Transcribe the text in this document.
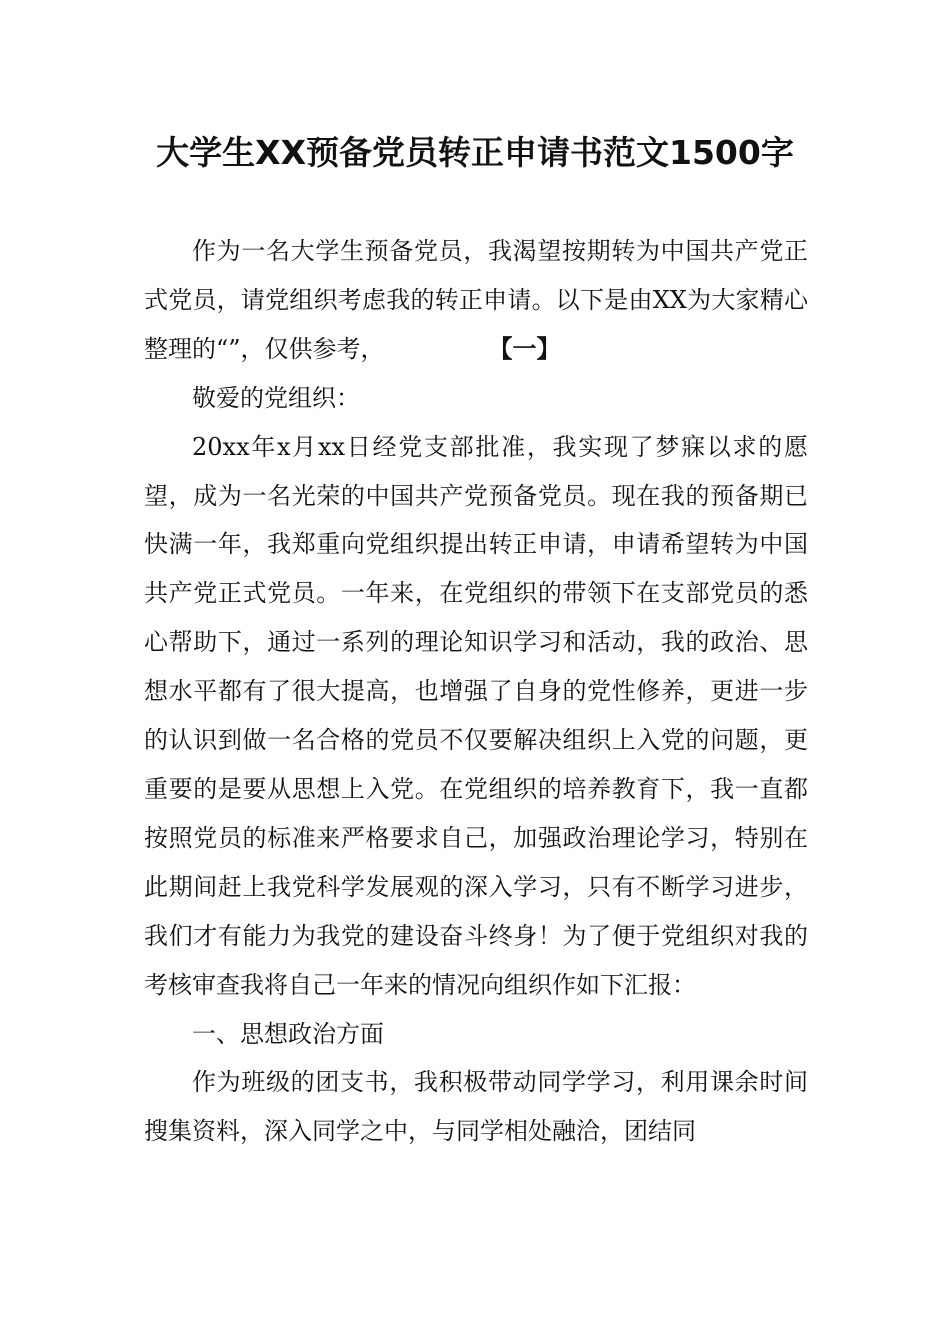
大学生XX预备党员转正申请书范文1500字

作为一名大学生预备党员，我渴望按期转为中国共产党正式党员，请党组织考虑我的转正申请。以下是由XX为大家精心整理的“”，仅供参考，	【一】

敬爱的党组织：

20xx年x月xx日经党支部批准，我实现了梦寐以求的愿望，成为一名光荣的中国共产党预备党员。现在我的预备期已快满一年，我郑重向党组织提出转正申请，申请希望转为中国共产党正式党员。一年来，在党组织的带领下在支部党员的悉心帮助下，通过一系列的理论知识学习和活动，我的政治、思想水平都有了很大提高，也增强了自身的党性修养，更进一步的认识到做一名合格的党员不仅要解决组织上入党的问题，更重要的是要从思想上入党。在党组织的培养教育下，我一直都按照党员的标准来严格要求自己，加强政治理论学习，特别在此期间赶上我党科学发展观的深入学习，只有不断学习进步，我们才有能力为我党的建设奋斗终身！为了便于党组织对我的考核审查我将自己一年来的情况向组织作如下汇报：

一、思想政治方面

作为班级的团支书，我积极带动同学学习，利用课余时间搜集资料，深入同学之中，与同学相处融洽，团结同
